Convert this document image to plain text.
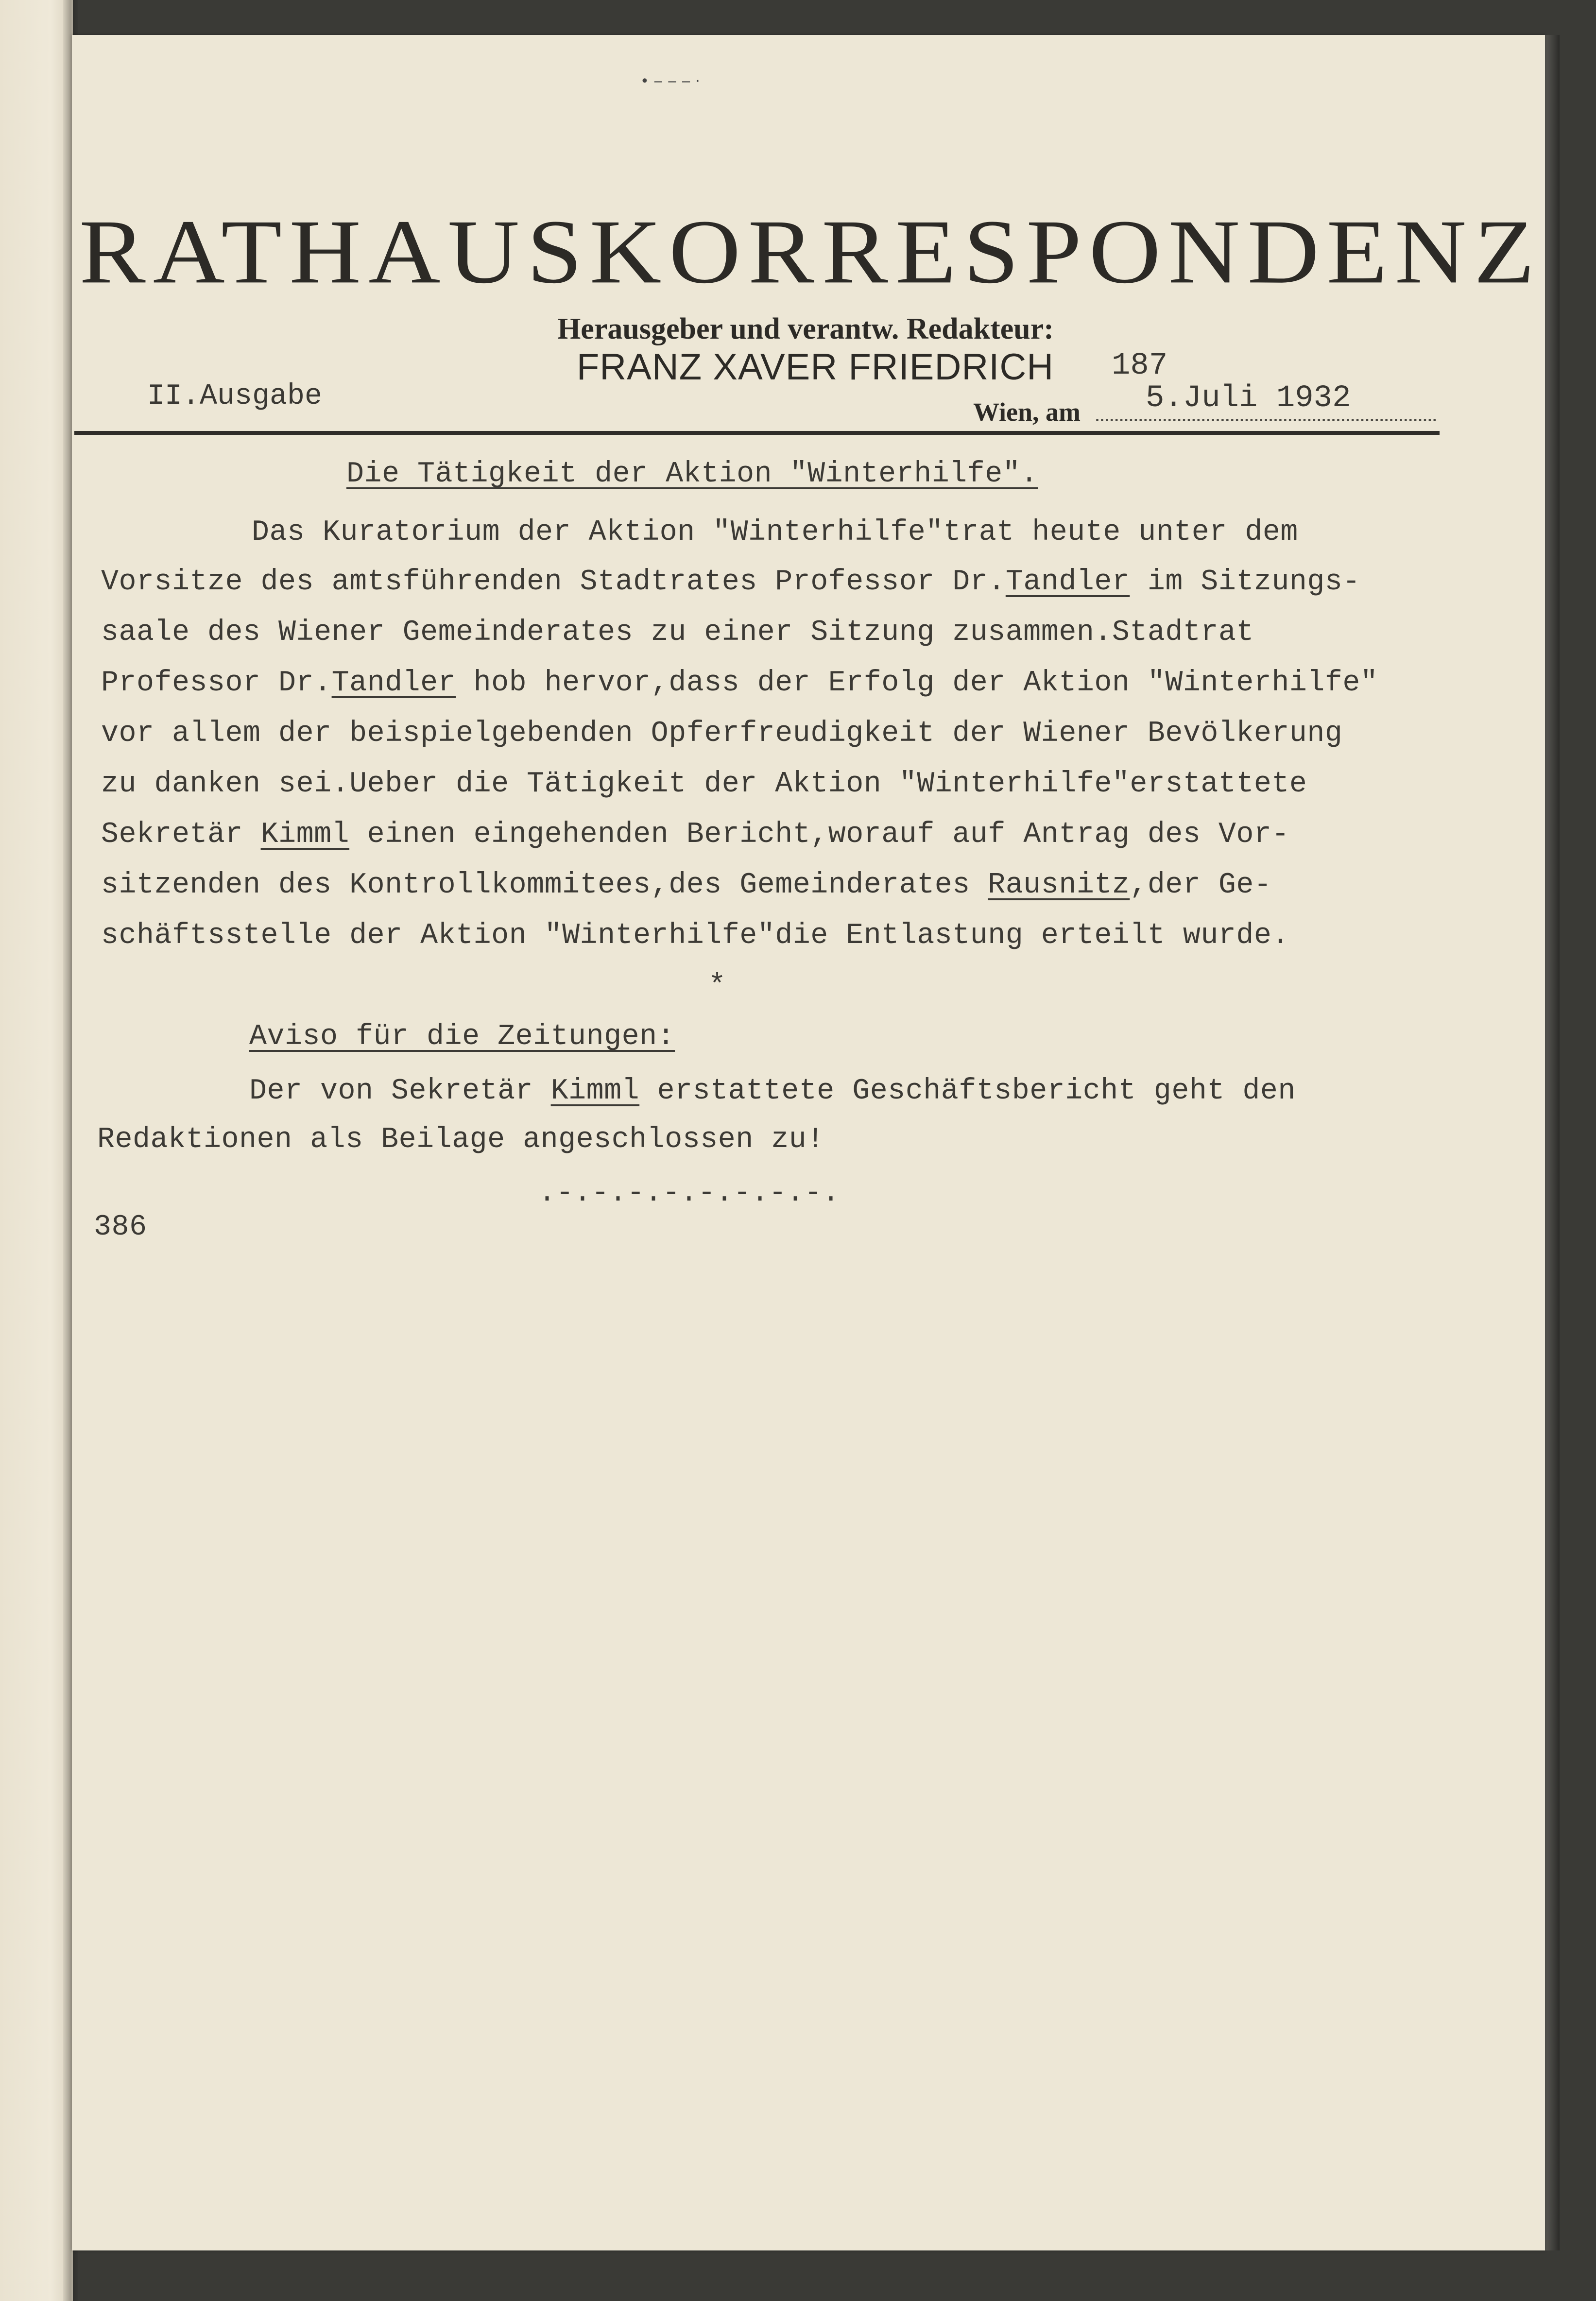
• ‒ ‒ ‒ ·
RATHAUSKORRESPONDENZ
Herausgeber und verantw. Redakteur:
FRANZ XAVER FRIEDRICH
II.Ausgabe
187
Wien, am 5.Juli 1932
Die Tätigkeit der Aktion "Winterhilfe".
Das Kuratorium der Aktion "Winterhilfe"trat heute unter dem
Vorsitze des amtsführenden Stadtrates Professor Dr.Tandler im Sitzungs-
saale des Wiener Gemeinderates zu einer Sitzung zusammen.Stadtrat
Professor Dr.Tandler hob hervor,dass der Erfolg der Aktion "Winterhilfe"
vor allem der beispielgebenden Opferfreudigkeit der Wiener Bevölkerung
zu danken sei.Ueber die Tätigkeit der Aktion "Winterhilfe"erstattete
Sekretär Kimml einen eingehenden Bericht,worauf auf Antrag des Vor-
sitzenden des Kontrollkommitees,des Gemeinderates Rausnitz,der Ge-
schäftsstelle der Aktion "Winterhilfe"die Entlastung erteilt wurde.
*
Aviso für die Zeitungen:
Der von Sekretär Kimml erstattete Geschäftsbericht geht den
Redaktionen als Beilage angeschlossen zu!
.-.-.-.-.-.-.-.-.
386
